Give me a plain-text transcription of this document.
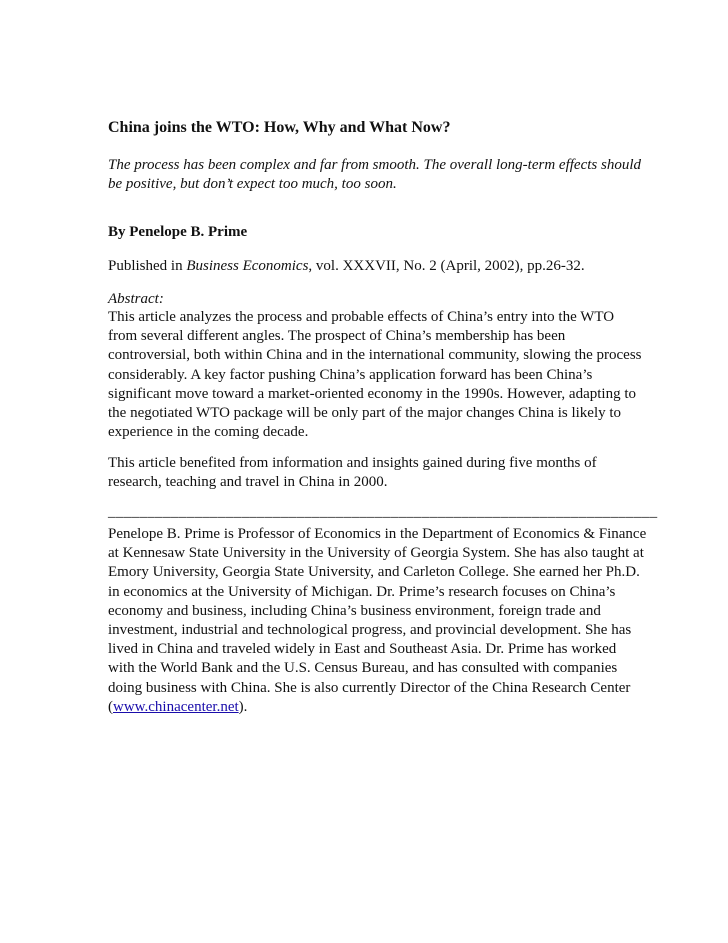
China joins the WTO: How, Why and What Now?
The process has been complex and far from smooth. The overall long-term effects should
be positive, but don’t expect too much, too soon.
By Penelope B. Prime
Published in Business Economics, vol. XXXVII, No. 2 (April, 2002), pp.26-32.
Abstract:
This article analyzes the process and probable effects of China’s entry into the WTO
from several different angles. The prospect of China’s membership has been
controversial, both within China and in the international community, slowing the process
considerably. A key factor pushing China’s application forward has been China’s
significant move toward a market-oriented economy in the 1990s. However, adapting to
the negotiated WTO package will be only part of the major changes China is likely to
experience in the coming decade.
This article benefited from information and insights gained during five months of
research, teaching and travel in China in 2000.
______________________________________________________________________
Penelope B. Prime is Professor of Economics in the Department of Economics & Finance
at Kennesaw State University in the University of Georgia System. She has also taught at
Emory University, Georgia State University, and Carleton College. She earned her Ph.D.
in economics at the University of Michigan. Dr. Prime’s research focuses on China’s
economy and business, including China’s business environment, foreign trade and
investment, industrial and technological progress, and provincial development. She has
lived in China and traveled widely in East and Southeast Asia. Dr. Prime has worked
with the World Bank and the U.S. Census Bureau, and has consulted with companies
doing business with China. She is also currently Director of the China Research Center
(www.chinacenter.net).
